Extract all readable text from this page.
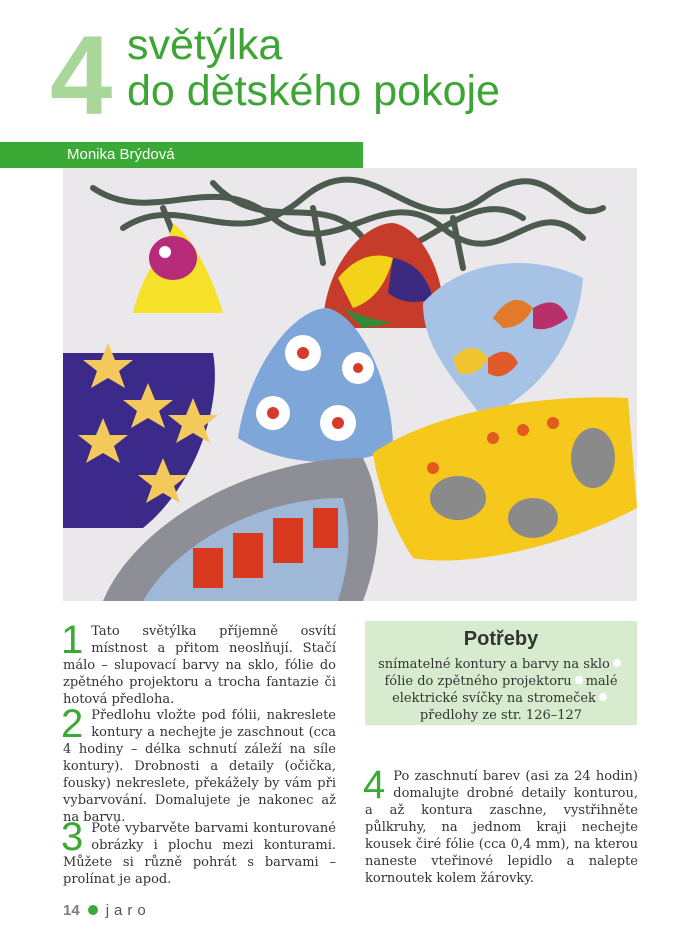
4 světýlka
do dětského pokoje
Monika Brýdová
1 Tato světýlka příjemně osvítí místnost a přitom neoslňují. Stačí málo – slupovací barvy na sklo, fólie do zpětného projektoru a trocha fantazie či hotová předloha.
2 Předlohu vložte pod fólii, nakreslete kontury a nechejte je zaschnout (cca 4 hodiny – délka schnutí záleží na síle kontury). Drobnosti a detaily (očička, fousky) nekreslete, překážely by vám při vybarvování. Domalujete je nakonec až na barvu.
3 Poté vybarvěte barvami konturované obrázky i plochu mezi konturami. Můžete si různě pohrát s barvami – prolínat je apod.
4 Po zaschnutí barev (asi za 24 hodin) domalujte drobné detaily konturou, a až kontura zaschne, vystřihněte půlkruhy, na jednom kraji nechejte kousek čiré fólie (cca 0,4 mm), na kterou naneste vteřinové lepidlo a nalepte kornoutek kolem žárovky.
Potřeby
snímatelné kontury a barvy na sklofólie do zpětného projektoru malé elektrické svíčky na stromečekpředlohy ze str. 126–127
14 jaro
